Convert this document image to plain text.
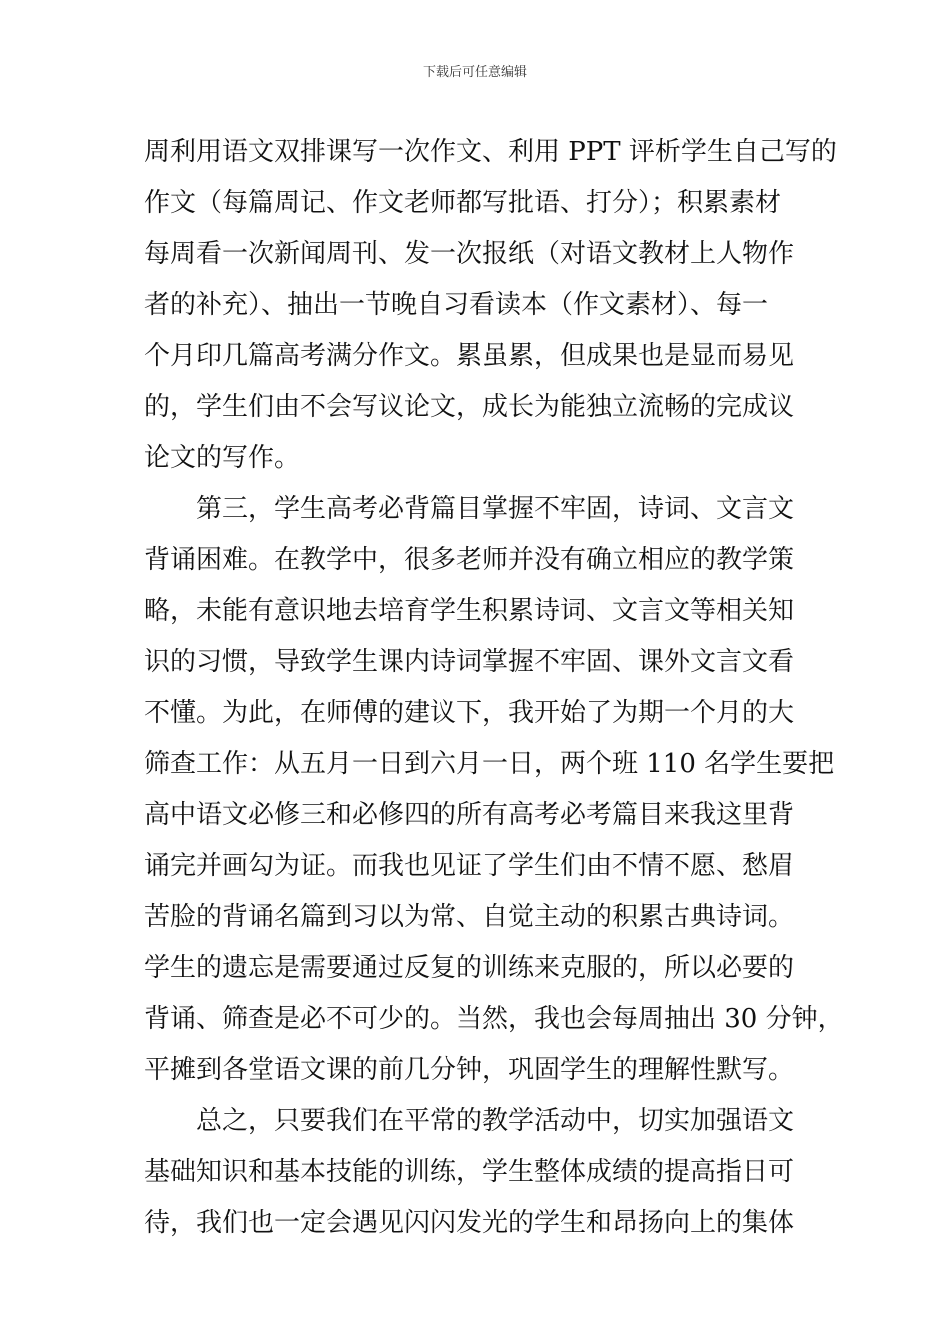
下载后可任意编辑
周利用语文双排课写一次作文、利用 PPT 评析学生自己写的
作文（每篇周记、作文老师都写批语、打分）；积累素材
每周看一次新闻周刊、发一次报纸（对语文教材上人物作
者的补充）、抽出一节晚自习看读本（作文素材）、每一
个月印几篇高考满分作文。累虽累，但成果也是显而易见
的，学生们由不会写议论文，成长为能独立流畅的完成议
论文的写作。
第三，学生高考必背篇目掌握不牢固，诗词、文言文
背诵困难。在教学中，很多老师并没有确立相应的教学策
略，未能有意识地去培育学生积累诗词、文言文等相关知
识的习惯，导致学生课内诗词掌握不牢固、课外文言文看
不懂。为此，在师傅的建议下，我开始了为期一个月的大
筛查工作：从五月一日到六月一日，两个班 110 名学生要把
高中语文必修三和必修四的所有高考必考篇目来我这里背
诵完并画勾为证。而我也见证了学生们由不情不愿、愁眉
苦脸的背诵名篇到习以为常、自觉主动的积累古典诗词。
学生的遗忘是需要通过反复的训练来克服的，所以必要的
背诵、筛查是必不可少的。当然，我也会每周抽出 30 分钟，
平摊到各堂语文课的前几分钟，巩固学生的理解性默写。
总之，只要我们在平常的教学活动中，切实加强语文
基础知识和基本技能的训练，学生整体成绩的提高指日可
待，我们也一定会遇见闪闪发光的学生和昂扬向上的集体
